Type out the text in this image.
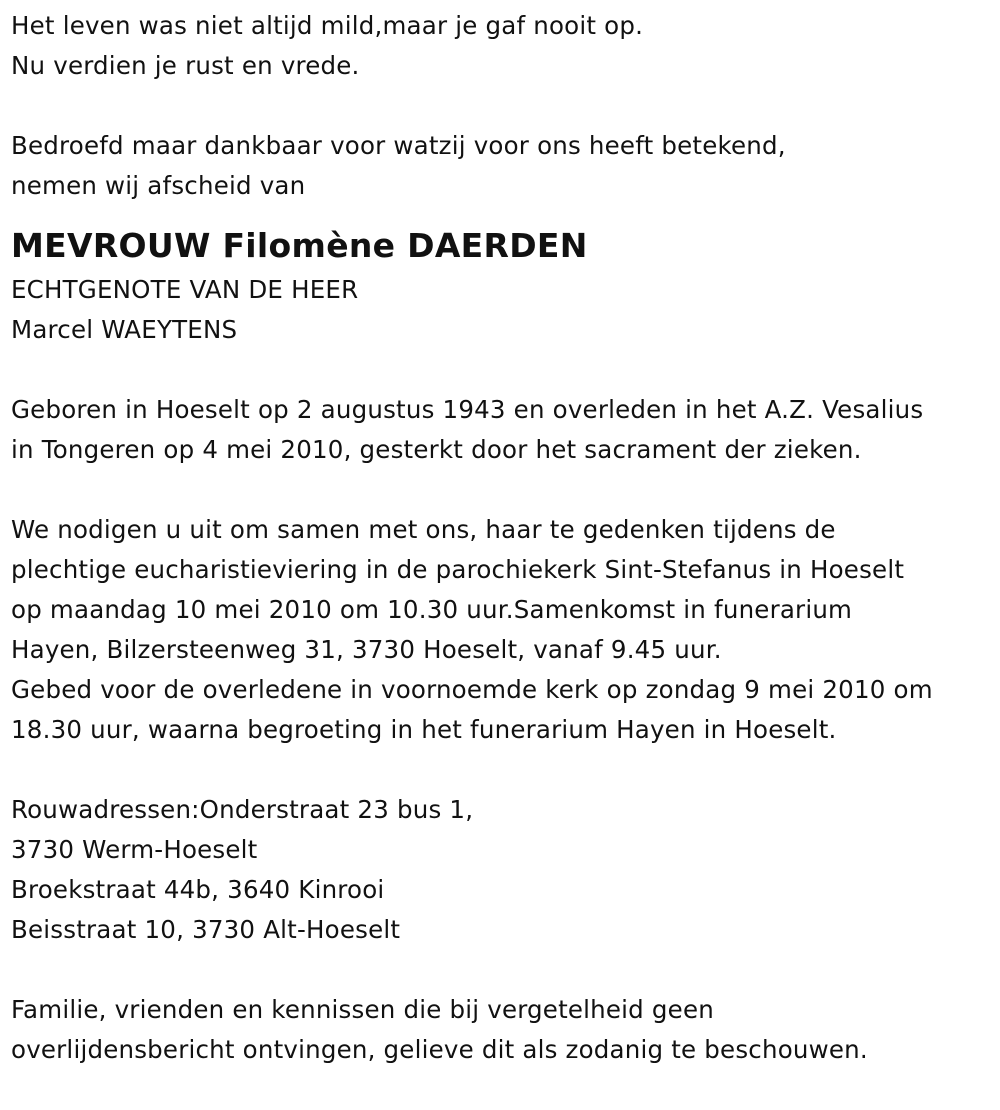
Het leven was niet altijd mild,maar je gaf nooit op.
Nu verdien je rust en vrede.
Bedroefd maar dankbaar voor watzij voor ons heeft betekend,
nemen wij afscheid van
MEVROUW Filomène DAERDEN
ECHTGENOTE VAN DE HEER
Marcel WAEYTENS
Geboren in Hoeselt op 2 augustus 1943 en overleden in het A.Z. Vesalius
in Tongeren op 4 mei 2010, gesterkt door het sacrament der zieken.
We nodigen u uit om samen met ons, haar te gedenken tijdens de
plechtige eucharistieviering in de parochiekerk Sint-Stefanus in Hoeselt
op maandag 10 mei 2010 om 10.30 uur.Samenkomst in funerarium
Hayen, Bilzersteenweg 31, 3730 Hoeselt, vanaf 9.45 uur.
Gebed voor de overledene in voornoemde kerk op zondag 9 mei 2010 om
18.30 uur, waarna begroeting in het funerarium Hayen in Hoeselt.
Rouwadressen:Onderstraat 23 bus 1,
3730 Werm-Hoeselt
Broekstraat 44b, 3640 Kinrooi
Beisstraat 10, 3730 Alt-Hoeselt
Familie, vrienden en kennissen die bij vergetelheid geen
overlijdensbericht ontvingen, gelieve dit als zodanig te beschouwen.
